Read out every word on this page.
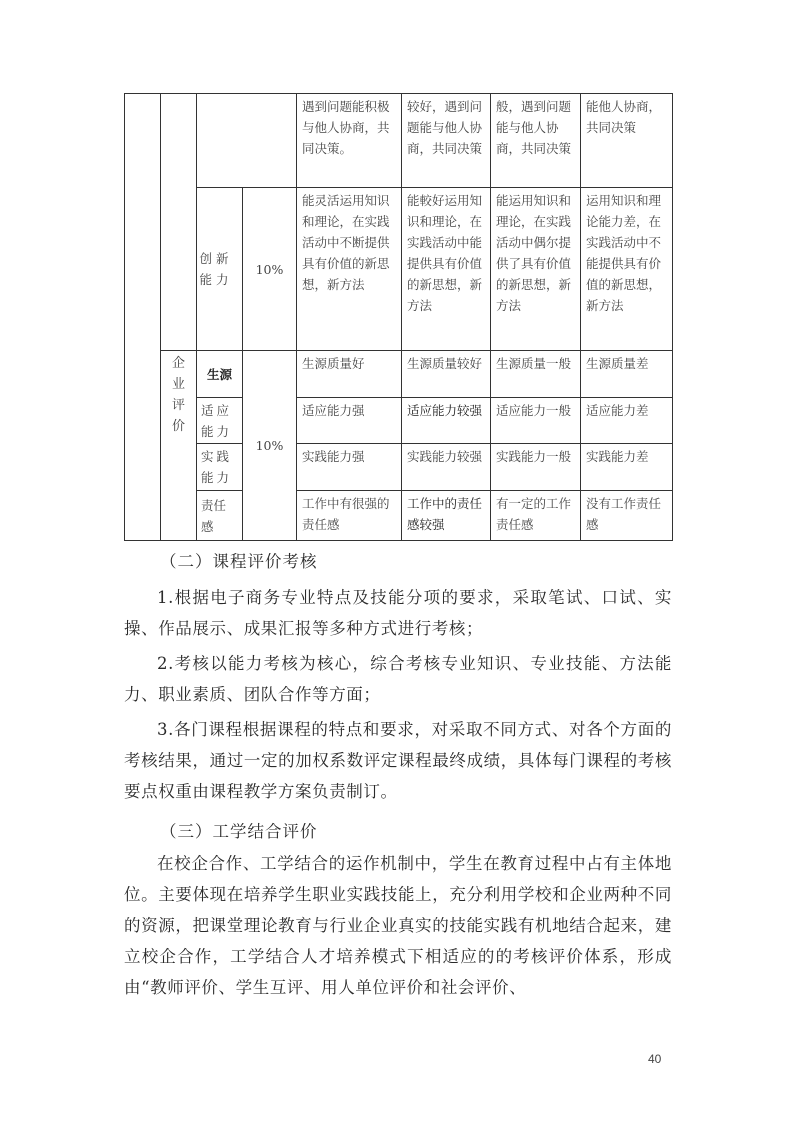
				遇到问题能积极与他人协商，共同决策。	较好，遇到问题能与他人协商，共同决策	般，遇到问题能与他人协商，共同决策	能他人协商，共同决策
		创新能力	10%	能灵活运用知识和理论，在实践活动中不断提供具有价值的新思想，新方法	能較好运用知识和理论，在实践活动中能提供具有价值的新思想，新方法	能运用知识和理论，在实践活动中偶尔提供了具有价值的新思想，新方法	运用知识和理论能力差，在实践活动中不能提供具有价值的新思想，新方法
	企业评价	生源	10%	生源质量好	生源质量较好	生源质量一般	生源质量差
		适应能力		适应能力强	适应能力较强	适应能力一般	适应能力差
		实践能力		实践能力强	实践能力较强	实践能力一般	实践能力差
		责任感		工作中有很强的责任感	工作中的责任感较强	有一定的工作责任感	没有工作责任感
（二）课程评价考核
1.根据电子商务专业特点及技能分项的要求，采取笔试、口试、实操、作品展示、成果汇报等多种方式进行考核；
2.考核以能力考核为核心，综合考核专业知识、专业技能、方法能力、职业素质、团队合作等方面；
3.各门课程根据课程的特点和要求，对采取不同方式、对各个方面的考核结果，通过一定的加权系数评定课程最终成绩，具体每门课程的考核要点权重由课程教学方案负责制订。
（三）工学结合评价
在校企合作、工学结合的运作机制中，学生在教育过程中占有主体地位。主要体现在培养学生职业实践技能上，充分利用学校和企业两种不同的资源，把课堂理论教育与行业企业真实的技能实践有机地结合起来，建立校企合作，工学结合人才培养模式下相适应的的考核评价体系，形成由“教师评价、学生互评、用人单位评价和社会评价、
40
